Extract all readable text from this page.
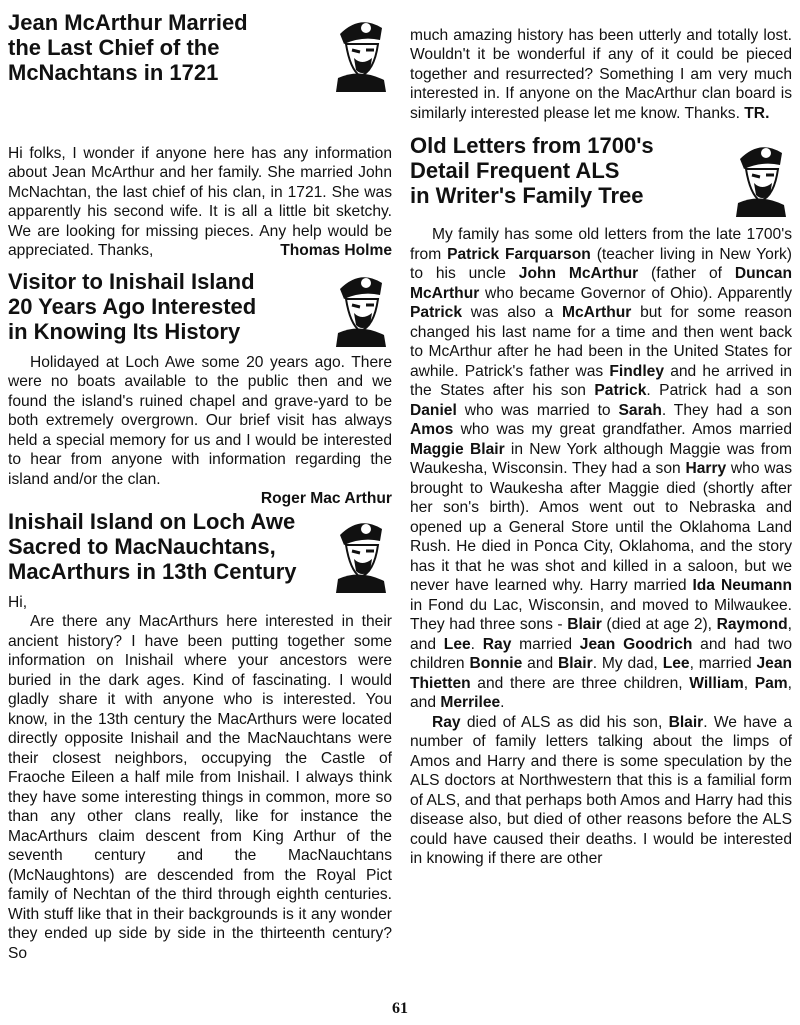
Jean McArthur Married
the Last Chief of the
McNachtans in 1721

Hi folks, I wonder if anyone here has any information about Jean McArthur and her family. She married John McNachtan, the last chief of his clan, in 1721. She was apparently his second wife. It is all a little bit sketchy. We are looking for missing pieces. Any help would be appreciated. Thanks,	Thomas Holme

Visitor to Inishail Island
20 Years Ago Interested
in Knowing Its History
Holidayed at Loch Awe some 20 years ago. There were no boats available to the public then and we found the island's ruined chapel and grave-yard to be both extremely overgrown. Our brief visit has always held a special memory for us and I would be interested to hear from anyone with information regarding the island and/or the clan.
Roger Mac Arthur
Inishail Island on Loch Awe
Sacred to MacNauchtans,
MacArthurs in 13th Century
Hi,
Are there any MacArthurs here interested in their ancient history? I have been putting together some information on Inishail where your ancestors were buried in the dark ages. Kind of fascinating. I would gladly share it with anyone who is interested. You know, in the 13th century the MacArthurs were located directly opposite Inishail and the MacNauchtans were their closest neighbors, occupying the Castle of Fraoche Eileen a half mile from Inishail. I always think they have some interesting things in common, more so than any other clans really, like for instance the MacArthurs claim descent from King Arthur of the seventh century and the MacNauchtans (McNaughtons) are descended from the Royal Pict family of Nechtan of the third through eighth centuries. With stuff like that in their backgrounds is it any wonder they ended up side by side in the thirteenth century? So

much amazing history has been utterly and totally lost. Wouldn't it be wonderful if any of it could be pieced together and resurrected? Something I am very much interested in. If anyone on the MacArthur clan board is similarly interested please let me know. Thanks. TR.

Old Letters from 1700's
Detail Frequent ALS
in Writer's Family Tree
My family has some old letters from the late 1700's from Patrick Farquarson (teacher living in New York) to his uncle John McArthur (father of Duncan McArthur who became Governor of Ohio). Apparently Patrick was also a McArthur but for some reason changed his last name for a time and then went back to McArthur after he had been in the United States for awhile. Patrick's father was Findley and he arrived in the States after his son Patrick. Patrick had a son Daniel who was married to Sarah. They had a son Amos who was my great grandfather. Amos married Maggie Blair in New York although Maggie was from Waukesha, Wisconsin. They had a son Harry who was brought to Waukesha after Maggie died (shortly after her son's birth). Amos went out to Nebraska and opened up a General Store until the Oklahoma Land Rush. He died in Ponca City, Oklahoma, and the story has it that he was shot and killed in a saloon, but we never have learned why. Harry married Ida Neumann in Fond du Lac, Wisconsin, and moved to Milwaukee. They had three sons - Blair (died at age 2), Raymond, and Lee. Ray married Jean Goodrich and had two children Bonnie and Blair. My dad, Lee, married Jean Thietten and there are three children, William, Pam, and Merrilee.
Ray died of ALS as did his son, Blair. We have a number of family letters talking about the limps of Amos and Harry and there is some speculation by the ALS doctors at Northwestern that this is a familial form of ALS, and that perhaps both Amos and Harry had this disease also, but died of other reasons before the ALS could have caused their deaths. I would be interested in knowing if there are other
61
